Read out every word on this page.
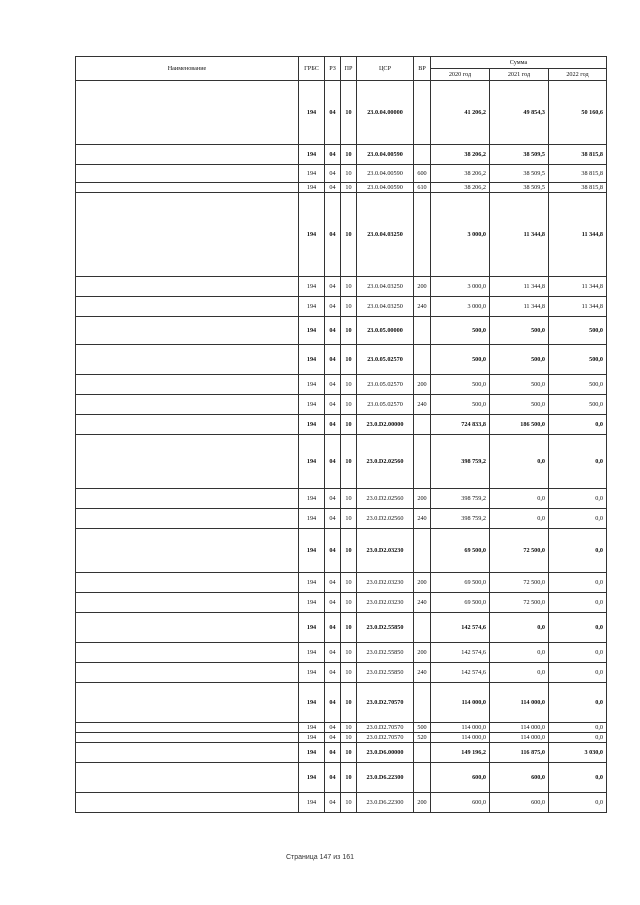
Наименование	ГРБС	РЗ	ПР	ЦСР	ВР	Сумма		
						2020 год	2021 год	2022 год
	194	04	10	23.0.04.00000		41 206,2	49 854,3	50 160,6
	194	04	10	23.0.04.00590		38 206,2	38 509,5	38 815,8
	194	04	10	23.0.04.00590	600	38 206,2	38 509,5	38 815,8
	194	04	10	23.0.04.00590	610	38 206,2	38 509,5	38 815,8
	194	04	10	23.0.04.03250		3 000,0	11 344,8	11 344,8
	194	04	10	23.0.04.03250	200	3 000,0	11 344,8	11 344,8
	194	04	10	23.0.04.03250	240	3 000,0	11 344,8	11 344,8
	194	04	10	23.0.05.00000		500,0	500,0	500,0
	194	04	10	23.0.05.02570		500,0	500,0	500,0
	194	04	10	23.0.05.02570	200	500,0	500,0	500,0
	194	04	10	23.0.05.02570	240	500,0	500,0	500,0
	194	04	10	23.0.D2.00000		724 833,8	186 500,0	0,0
	194	04	10	23.0.D2.02560		398 759,2	0,0	0,0
	194	04	10	23.0.D2.02560	200	398 759,2	0,0	0,0
	194	04	10	23.0.D2.02560	240	398 759,2	0,0	0,0
	194	04	10	23.0.D2.03230		69 500,0	72 500,0	0,0
	194	04	10	23.0.D2.03230	200	69 500,0	72 500,0	0,0
	194	04	10	23.0.D2.03230	240	69 500,0	72 500,0	0,0
	194	04	10	23.0.D2.55850		142 574,6	0,0	0,0
	194	04	10	23.0.D2.55850	200	142 574,6	0,0	0,0
	194	04	10	23.0.D2.55850	240	142 574,6	0,0	0,0
	194	04	10	23.0.D2.70570		114 000,0	114 000,0	0,0
	194	04	10	23.0.D2.70570	500	114 000,0	114 000,0	0,0
	194	04	10	23.0.D2.70570	520	114 000,0	114 000,0	0,0
	194	04	10	23.0.D6.00000		149 196,2	116 875,0	3 030,0
	194	04	10	23.0.D6.22300		600,0	600,0	0,0
	194	04	10	23.0.D6.22300	200	600,0	600,0	0,0
Страница 147 из 161
